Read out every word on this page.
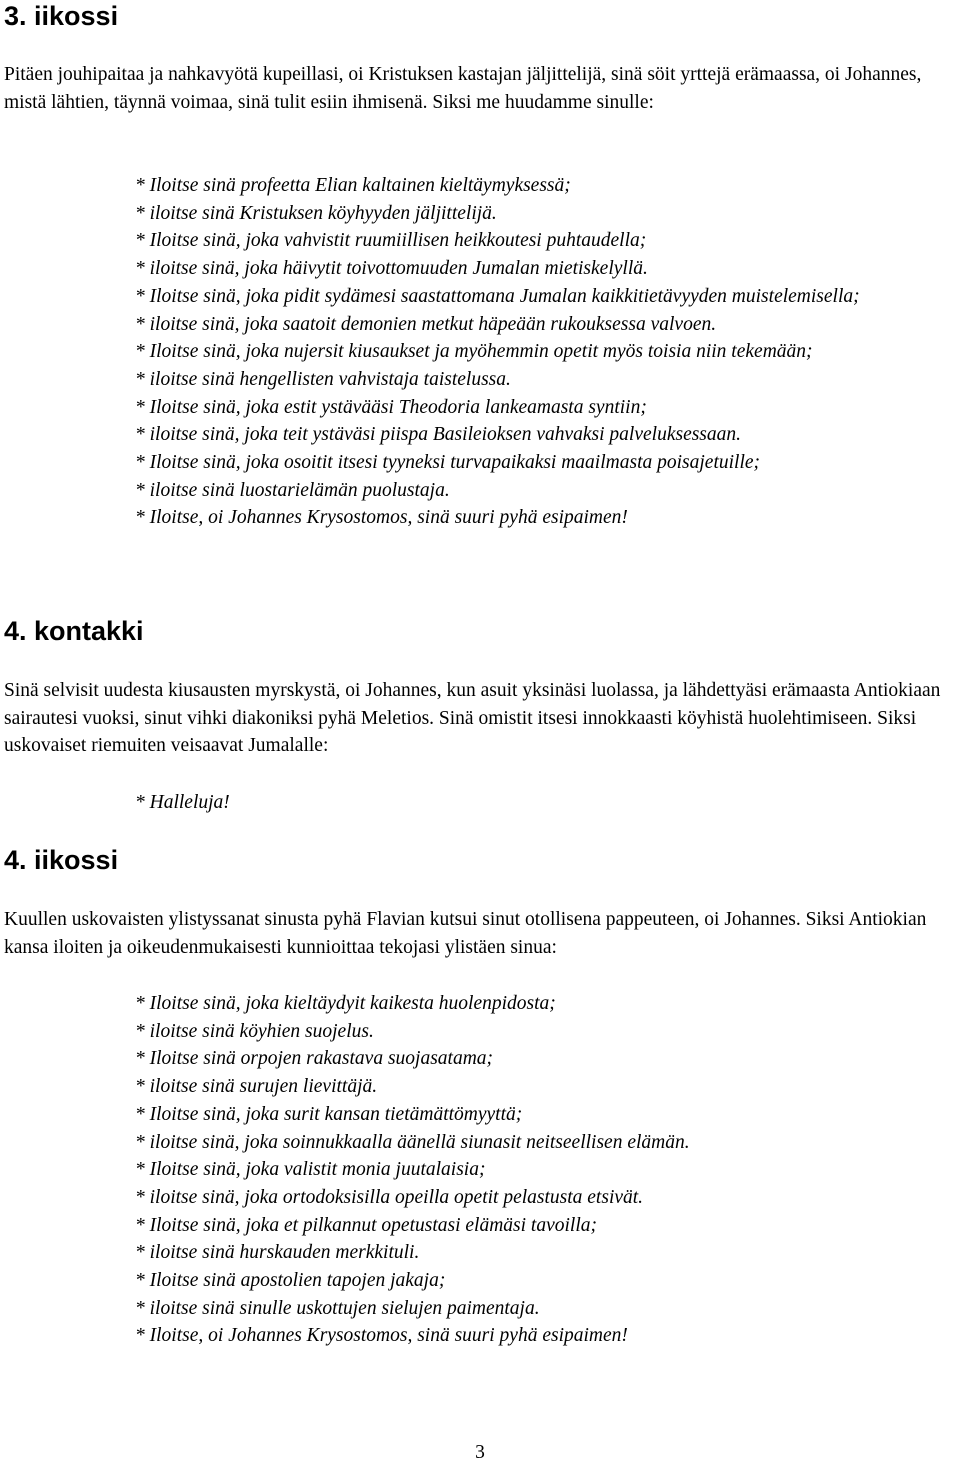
3. iikossi

Pitäen jouhipaitaa ja nahkavyötä kupeillasi, oi Kristuksen kastajan jäljittelijä, sinä söit yrttejä erämaassa, oi Johannes, mistä lähtien, täynnä voimaa, sinä tulit esiin ihmisenä. Siksi me huudamme sinulle:

* Iloitse sinä profeetta Elian kaltainen kieltäymyksessä;

* iloitse sinä Kristuksen köyhyyden jäljittelijä.

* Iloitse sinä, joka vahvistit ruumiillisen heikkoutesi puhtaudella;

* iloitse sinä, joka häivytit toivottomuuden Jumalan mietiskelyllä.

* Iloitse sinä, joka pidit sydämesi saastattomana Jumalan kaikkitietävyyden muistelemisella;

* iloitse sinä, joka saatoit demonien metkut häpeään rukouksessa valvoen.

* Iloitse sinä, joka nujersit kiusaukset ja myöhemmin opetit myös toisia niin tekemään;

* iloitse sinä hengellisten vahvistaja taistelussa.

* Iloitse sinä, joka estit ystävääsi Theodoria lankeamasta syntiin;

* iloitse sinä, joka teit ystäväsi piispa Basileioksen vahvaksi palveluksessaan.

* Iloitse sinä, joka osoitit itsesi tyyneksi turvapaikaksi maailmasta poisajetuille;

* iloitse sinä luostarielämän puolustaja.

* Iloitse, oi Johannes Krysostomos, sinä suuri pyhä esipaimen!

4. kontakki

Sinä selvisit uudesta kiusausten myrskystä, oi Johannes, kun asuit yksinäsi luolassa, ja lähdettyäsi erämaasta Antiokiaan sairautesi vuoksi, sinut vihki diakoniksi pyhä Meletios. Sinä omistit itsesi innokkaasti köyhistä huolehtimiseen. Siksi uskovaiset riemuiten veisaavat Jumalalle:

* Halleluja!

4. iikossi

Kuullen uskovaisten ylistyssanat sinusta pyhä Flavian kutsui sinut otollisena pappeuteen, oi Johannes. Siksi Antiokian kansa iloiten ja oikeudenmukaisesti kunnioittaa tekojasi ylistäen sinua:

* Iloitse sinä, joka kieltäydyit kaikesta huolenpidosta;

* iloitse sinä köyhien suojelus.

* Iloitse sinä orpojen rakastava suojasatama;

* iloitse sinä surujen lievittäjä.

* Iloitse sinä, joka surit kansan tietämättömyyttä;

* iloitse sinä, joka soinnukkaalla äänellä siunasit neitseellisen elämän.

* Iloitse sinä, joka valistit monia juutalaisia;

* iloitse sinä, joka ortodoksisilla opeilla opetit pelastusta etsivät.

* Iloitse sinä, joka et pilkannut opetustasi elämäsi tavoilla;

* iloitse sinä hurskauden merkkituli.

* Iloitse sinä apostolien tapojen jakaja;

* iloitse sinä sinulle uskottujen sielujen paimentaja.

* Iloitse, oi Johannes Krysostomos, sinä suuri pyhä esipaimen!

3
